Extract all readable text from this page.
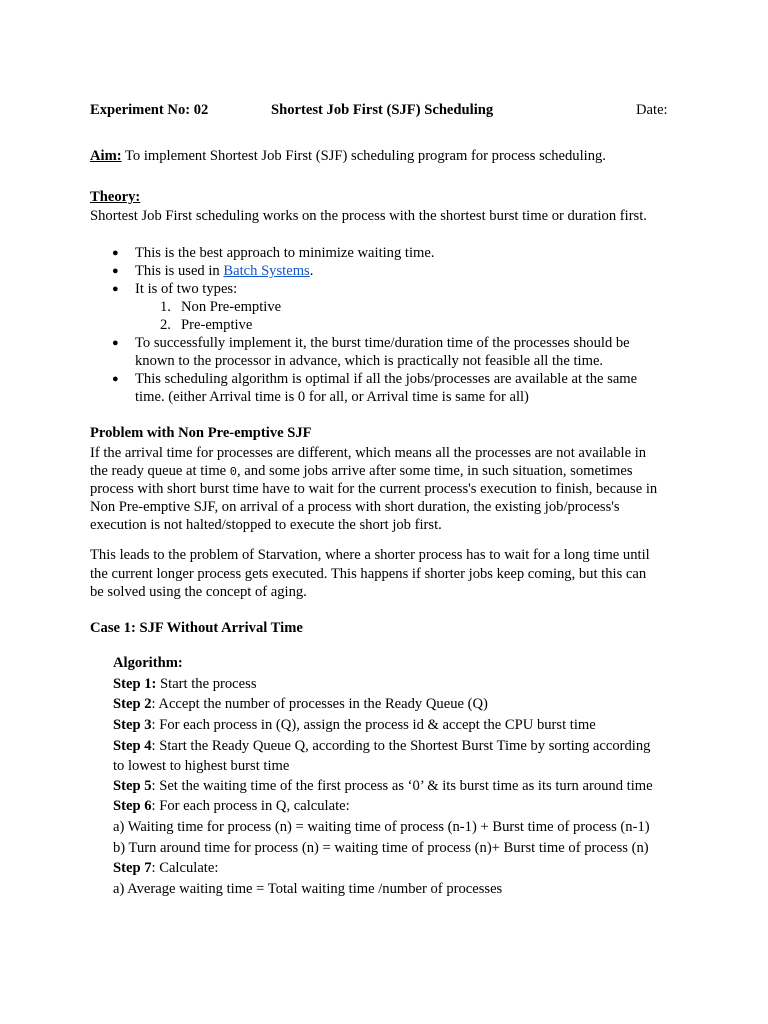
Experiment No: 02	Shortest Job First (SJF) Scheduling	Date:
Aim: To implement Shortest Job First (SJF) scheduling program for process scheduling.
Theory:
Shortest Job First scheduling works on the process with the shortest burst time or duration first.
● This is the best approach to minimize waiting time.
● This is used in Batch Systems.
● It is of two types:
1. Non Pre-emptive
2. Pre-emptive
● To successfully implement it, the burst time/duration time of the processes should be
known to the processor in advance, which is practically not feasible all the time.
● This scheduling algorithm is optimal if all the jobs/processes are available at the same
time. (either Arrival time is 0 for all, or Arrival time is same for all)
Problem with Non Pre-emptive SJF
If the arrival time for processes are different, which means all the processes are not available in
the ready queue at time 0, and some jobs arrive after some time, in such situation, sometimes
process with short burst time have to wait for the current process's execution to finish, because in
Non Pre-emptive SJF, on arrival of a process with short duration, the existing job/process's
execution is not halted/stopped to execute the short job first.
This leads to the problem of Starvation, where a shorter process has to wait for a long time until
the current longer process gets executed. This happens if shorter jobs keep coming, but this can
be solved using the concept of aging.
Case 1: SJF Without Arrival Time
Algorithm:
Step 1: Start the process
Step 2: Accept the number of processes in the Ready Queue (Q)
Step 3: For each process in (Q), assign the process id & accept the CPU burst time
Step 4: Start the Ready Queue Q, according to the Shortest Burst Time by sorting according
to lowest to highest burst time
Step 5: Set the waiting time of the first process as ‘0’ & its burst time as its turn around time
Step 6: For each process in Q, calculate:
a) Waiting time for process (n) = waiting time of process (n-1) + Burst time of process (n-1)
b) Turn around time for process (n) = waiting time of process (n)+ Burst time of process (n)
Step 7: Calculate:
a) Average waiting time = Total waiting time /number of processes
